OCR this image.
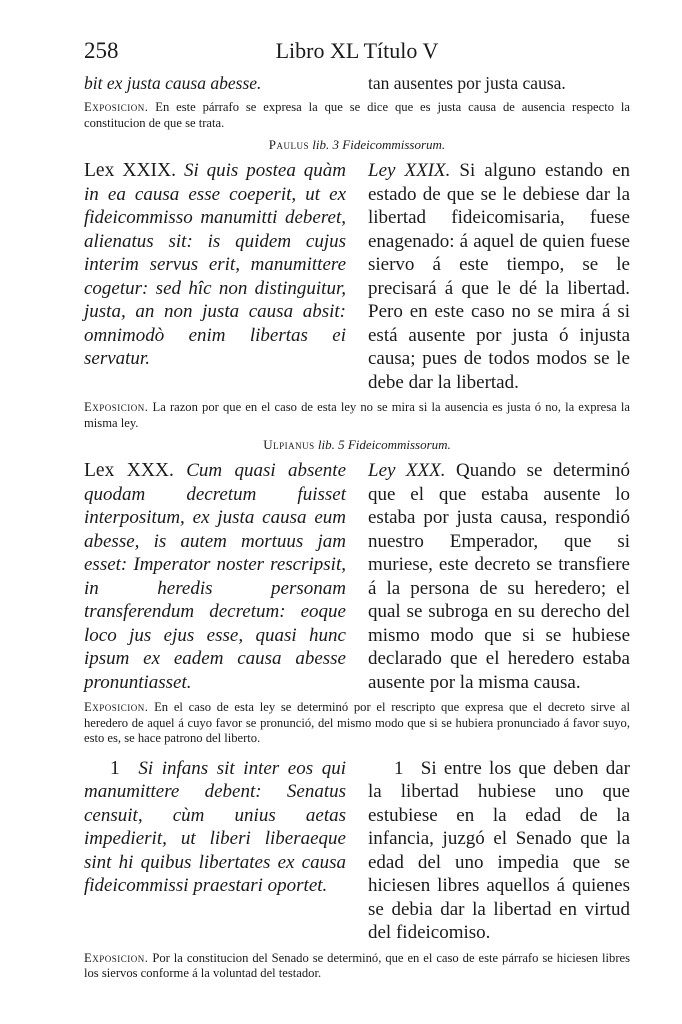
258	Libro XL Título V
bit ex justa causa abesse.	tan ausentes por justa causa.
Exposicion. En este párrafo se expresa la que se dice que es justa causa de ausencia respecto la constitucion de que se trata.
Paulus lib. 3 Fideicommissorum.
Lex XXIX. Si quis postea quàm in ea causa esse coeperit, ut ex fideicommisso manumitti deberet, alienatus sit: is quidem cujus interim servus erit, manumittere cogetur: sed hîc non distinguitur, justa, an non justa causa absit: omnimodò enim libertas ei servatur.
Ley XXIX. Si alguno estando en estado de que se le debiese dar la libertad fideicomisaria, fuese enagenado: á aquel de quien fuese siervo á este tiempo, se le precisará á que le dé la libertad. Pero en este caso no se mira á si está ausente por justa ó injusta causa; pues de todos modos se le debe dar la libertad.
Exposicion. La razon por que en el caso de esta ley no se mira si la ausencia es justa ó no, la expresa la misma ley.
Ulpianus lib. 5 Fideicommissorum.
Lex XXX. Cum quasi absente quodam decretum fuisset interpositum, ex justa causa eum abesse, is autem mortuus jam esset: Imperator noster rescripsit, in heredis personam transferendum decretum: eoque loco jus ejus esse, quasi hunc ipsum ex eadem causa abesse pronuntiasset.
Ley XXX. Quando se determinó que el que estaba ausente lo estaba por justa causa, respondió nuestro Emperador, que si muriese, este decreto se transfiere á la persona de su heredero; el qual se subroga en su derecho del mismo modo que si se hubiese declarado que el heredero estaba ausente por la misma causa.
Exposicion. En el caso de esta ley se determinó por el rescripto que expresa que el decreto sirve al heredero de aquel á cuyo favor se pronunció, del mismo modo que si se hubiera pronunciado á favor suyo, esto es, se hace patrono del liberto.
1 Si infans sit inter eos qui manumittere debent: Senatus censuit, cùm unius aetas impedierit, ut liberi liberaeque sint hi quibus libertates ex causa fideicommissi praestari oportet.
1 Si entre los que deben dar la libertad hubiese uno que estubiese en la edad de la infancia, juzgó el Senado que la edad del uno impedia que se hiciesen libres aquellos á quienes se debia dar la libertad en virtud del fideicomiso.
Exposicion. Por la constitucion del Senado se determinó, que en el caso de este párrafo se hiciesen libres los siervos conforme á la voluntad del testador.
